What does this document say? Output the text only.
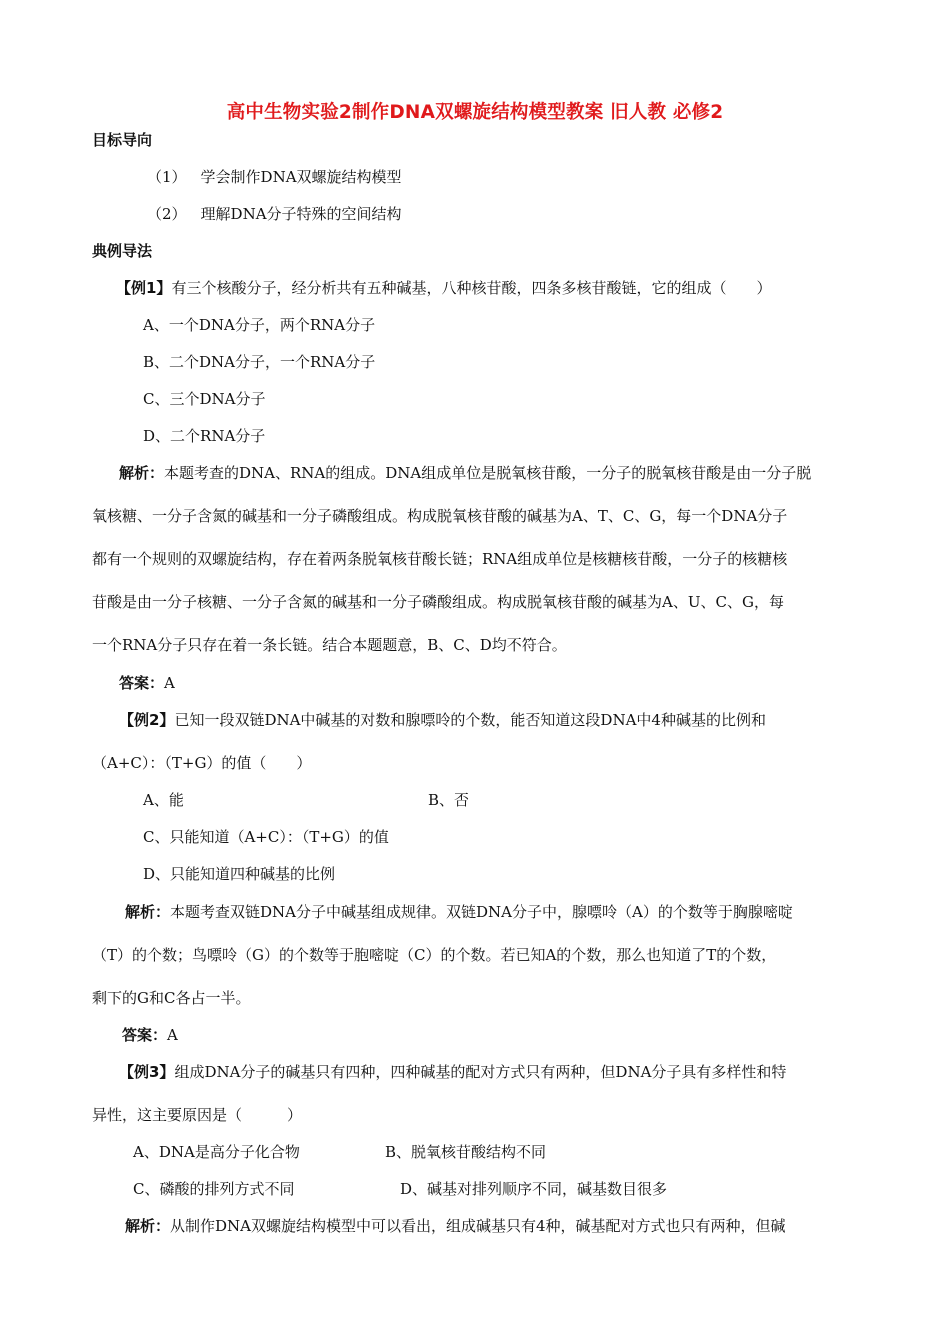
高中生物实验2制作DNA双螺旋结构模型教案 旧人教 必修2
目标导向
（1） 学会制作DNA双螺旋结构模型
（2） 理解DNA分子特殊的空间结构
典例导法
【例1】有三个核酸分子，经分析共有五种碱基，八种核苷酸，四条多核苷酸链，它的组成（　　）
A、一个DNA分子，两个RNA分子
B、二个DNA分子，一个RNA分子
C、三个DNA分子
D、二个RNA分子
解析：本题考查的DNA、RNA的组成。DNA组成单位是脱氧核苷酸，一分子的脱氧核苷酸是由一分子脱
氧核糖、一分子含氮的碱基和一分子磷酸组成。构成脱氧核苷酸的碱基为A、T、C、G，每一个DNA分子
都有一个规则的双螺旋结构，存在着两条脱氧核苷酸长链；RNA组成单位是核糖核苷酸，一分子的核糖核
苷酸是由一分子核糖、一分子含氮的碱基和一分子磷酸组成。构成脱氧核苷酸的碱基为A、U、C、G，每
一个RNA分子只存在着一条长链。结合本题题意，B、C、D均不符合。
答案：A
【例2】已知一段双链DNA中碱基的对数和腺嘌呤的个数，能否知道这段DNA中4种碱基的比例和
（A+C）：（T+G）的值（　　）
A、能	B、否
C、只能知道（A+C）：（T+G）的值
D、只能知道四种碱基的比例
解析：本题考查双链DNA分子中碱基组成规律。双链DNA分子中，腺嘌呤（A）的个数等于胸腺嘧啶
（T）的个数；鸟嘌呤（G）的个数等于胞嘧啶（C）的个数。若已知A的个数，那么也知道了T的个数，
剩下的G和C各占一半。
答案：A
【例3】组成DNA分子的碱基只有四种，四种碱基的配对方式只有两种，但DNA分子具有多样性和特
异性，这主要原因是（　　　）
A、DNA是高分子化合物	B、脱氧核苷酸结构不同
C、磷酸的排列方式不同	D、碱基对排列顺序不同，碱基数目很多
解析：从制作DNA双螺旋结构模型中可以看出，组成碱基只有4种，碱基配对方式也只有两种，但碱
